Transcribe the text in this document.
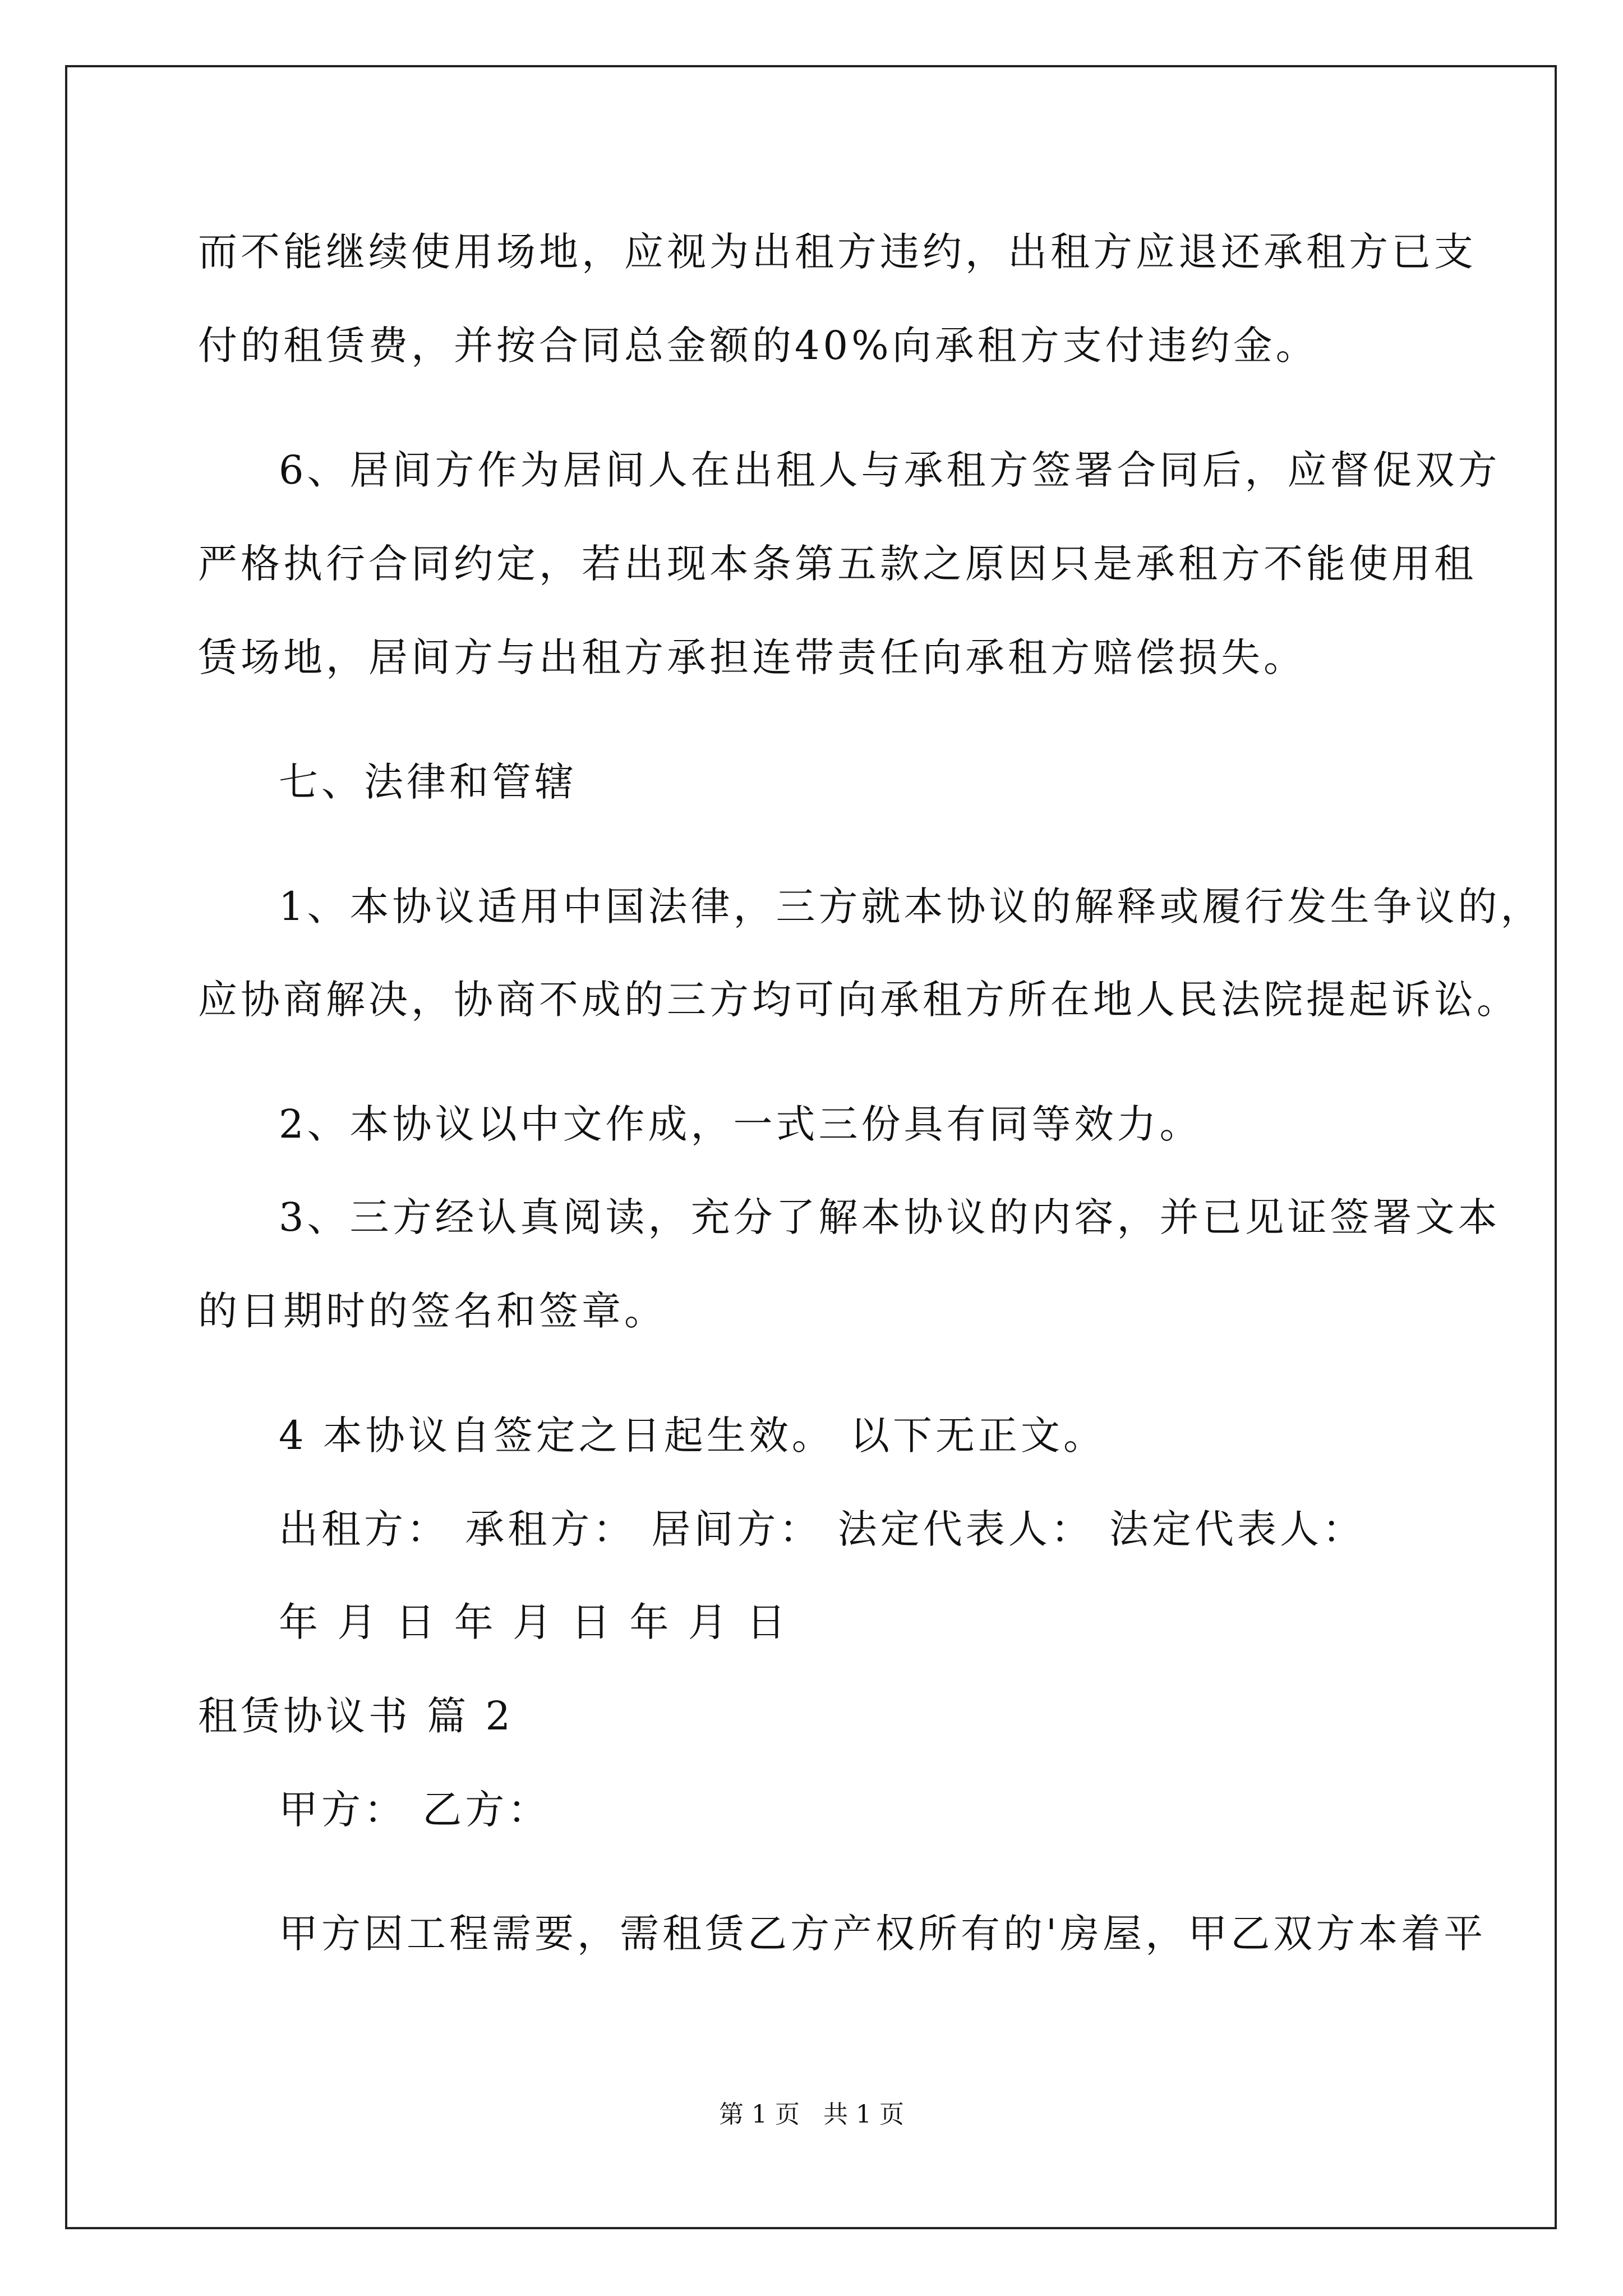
而不能继续使用场地，应视为出租方违约，出租方应退还承租方已支
付的租赁费，并按合同总金额的40%向承租方支付违约金。
6、居间方作为居间人在出租人与承租方签署合同后，应督促双方
严格执行合同约定，若出现本条第五款之原因只是承租方不能使用租
赁场地，居间方与出租方承担连带责任向承租方赔偿损失。
七、法律和管辖
1、本协议适用中国法律，三方就本协议的解释或履行发生争议的，
应协商解决，协商不成的三方均可向承租方所在地人民法院提起诉讼。
2、本协议以中文作成，一式三份具有同等效力。
3、三方经认真阅读，充分了解本协议的内容，并已见证签署文本
的日期时的签名和签章。
4 本协议自签定之日起生效。 以下无正文。
出租方： 承租方： 居间方： 法定代表人： 法定代表人：
年 月 日 年 月 日 年 月 日
租赁协议书 篇 2
甲方： 乙方：
甲方因工程需要，需租赁乙方产权所有的'房屋，甲乙双方本着平
第 1 页 共 1 页
